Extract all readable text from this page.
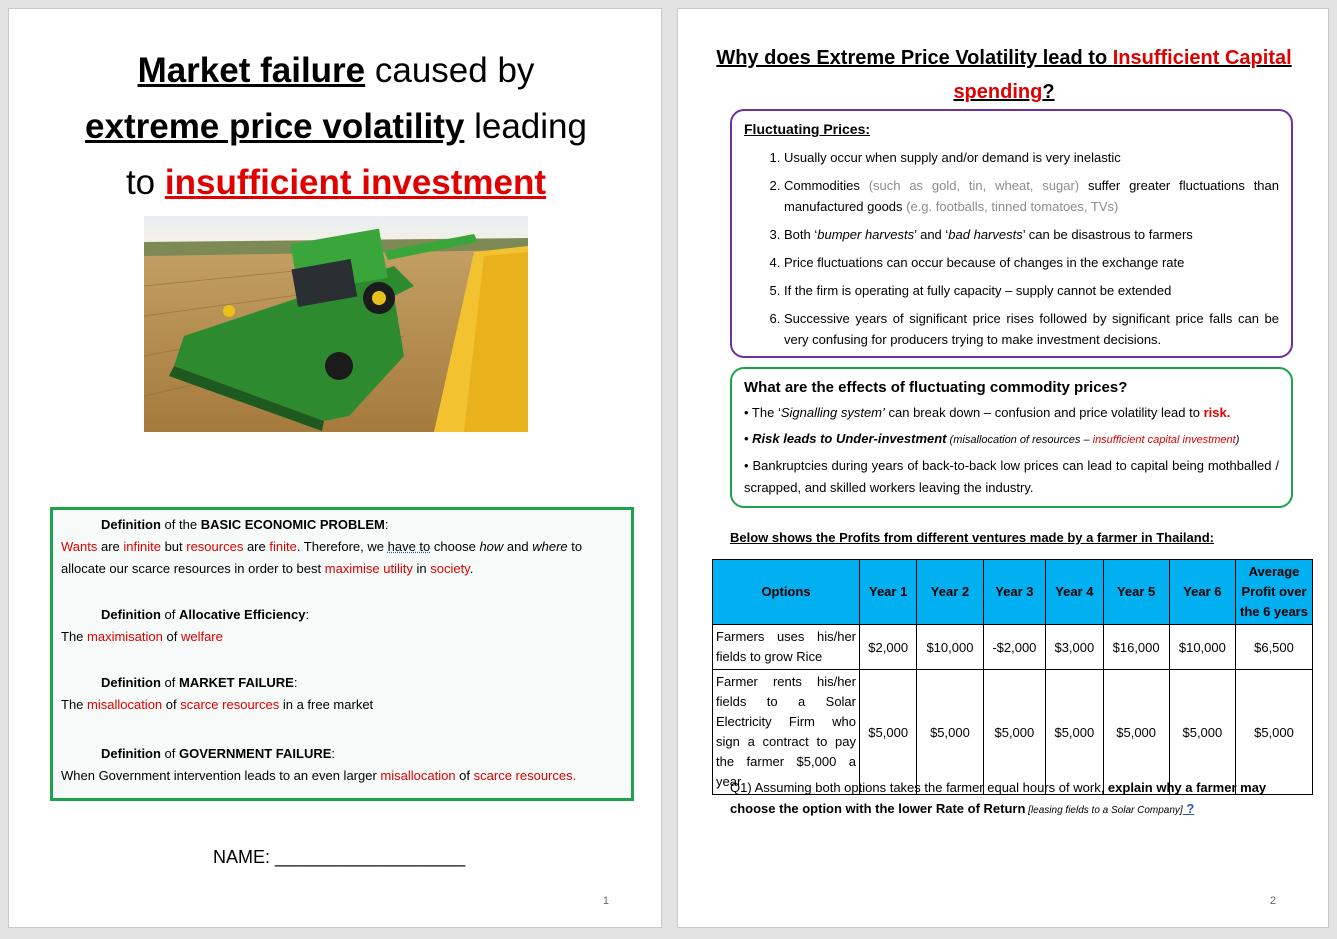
Market failure caused by
extreme price volatility leading
to insufficient investment
Definition of the BASIC ECONOMIC PROBLEM:
Wants are infinite but resources are finite. Therefore, we have to choose how and where to allocate our scarce resources in order to best maximise utility in society.
Definition of Allocative Efficiency:
The maximisation of welfare
Definition of MARKET FAILURE:
The misallocation of scarce resources in a free market
Definition of GOVERNMENT FAILURE:
When Government intervention leads to an even larger misallocation of scarce resources.
NAME: ___________________
1
Why does Extreme Price Volatility lead to Insufficient Capital spending?
Fluctuating Prices:
1. Usually occur when supply and/or demand is very inelastic
2. Commodities (such as gold, tin, wheat, sugar) suffer greater fluctuations than manufactured goods (e.g. footballs, tinned tomatoes, TVs)
3. Both ‘bumper harvests’ and ‘bad harvests’ can be disastrous to farmers
4. Price fluctuations can occur because of changes in the exchange rate
5. If the firm is operating at fully capacity – supply cannot be extended
6. Successive years of significant price rises followed by significant price falls can be very confusing for producers trying to make investment decisions.
What are the effects of fluctuating commodity prices?

• The ‘Signalling system’ can break down – confusion and price volatility lead to risk.

• Risk leads to Under-investment (misallocation of resources – insufficient capital investment)

• Bankruptcies during years of back-to-back low prices can lead to capital being mothballed / scrapped, and skilled workers leaving the industry.

Below shows the Profits from different ventures made by a farmer in Thailand:
Options	Year 1	Year 2	Year 3	Year 4	Year 5	Year 6	Average Profit over the 6 years
Farmers uses his/her fields to grow Rice	$2,000	$10,000	-$2,000	$3,000	$16,000	$10,000	$6,500
Farmer rents his/her fields to a Solar Electricity Firm who sign a contract to pay the farmer $5,000 a year	$5,000	$5,000	$5,000	$5,000	$5,000	$5,000	$5,000
Q1) Assuming both options takes the farmer equal hours of work, explain why a farmer may choose the option with the lower Rate of Return [leasing fields to a Solar Company] ?
2
